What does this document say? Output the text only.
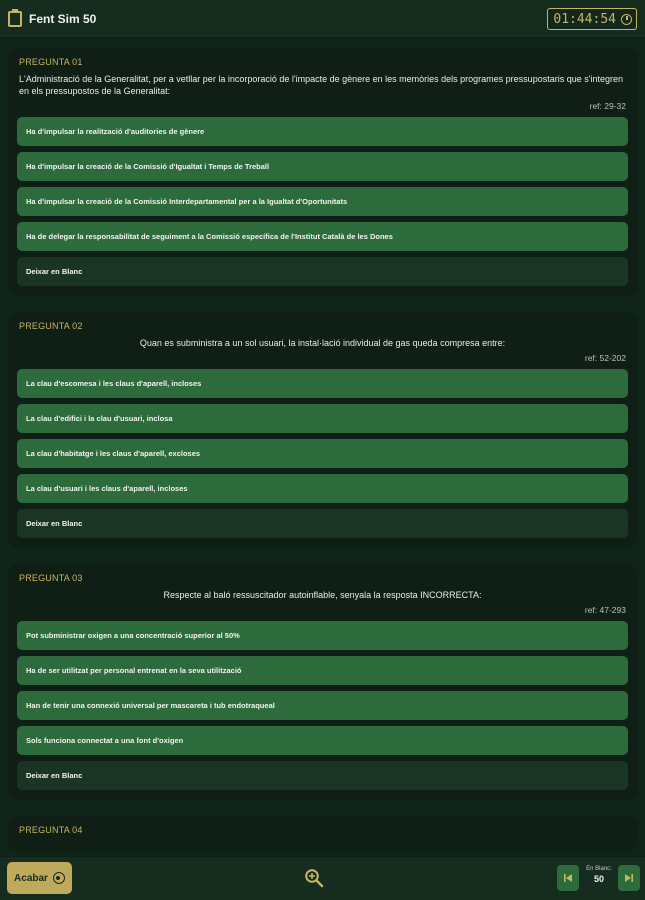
Fent Sim 50	01:44:54
PREGUNTA 01
L'Administració de la Generalitat, per a vetllar per la incorporació de l'impacte de gènere en les memòries dels programes pressupostaris que s'integren en els pressupostos de la Generalitat:
ref: 29-32
Ha d'impulsar la realització d'auditories de gènere
Ha d'impulsar la creació de la Comissió d'Igualtat i Temps de Treball
Ha d'impulsar la creació de la Comissió Interdepartamental per a la Igualtat d'Oportunitats
Ha de delegar la responsabilitat de seguiment a la Comissió específica de l'Institut Català de les Dones
Deixar en Blanc
PREGUNTA 02
Quan es subministra a un sol usuari, la instal·lació individual de gas queda compresa entre:
ref: 52-202
La clau d'escomesa i les claus d'aparell, incloses
La clau d'edifici i la clau d'usuari, inclosa
La clau d'habitatge i les claus d'aparell, excloses
La clau d'usuari i les claus d'aparell, incloses
Deixar en Blanc
PREGUNTA 03
Respecte al baló ressuscitador autoinflable, senyala la resposta INCORRECTA:
ref: 47-293
Pot subministrar oxigen a una concentració superior al 50%
Ha de ser utilitzat per personal entrenat en la seva utilització
Han de tenir una connexió universal per mascareta i tub endotraqueal
Sols funciona connectat a una font d'oxigen
Deixar en Blanc
PREGUNTA 04
Acabar
En Blanc:
50
